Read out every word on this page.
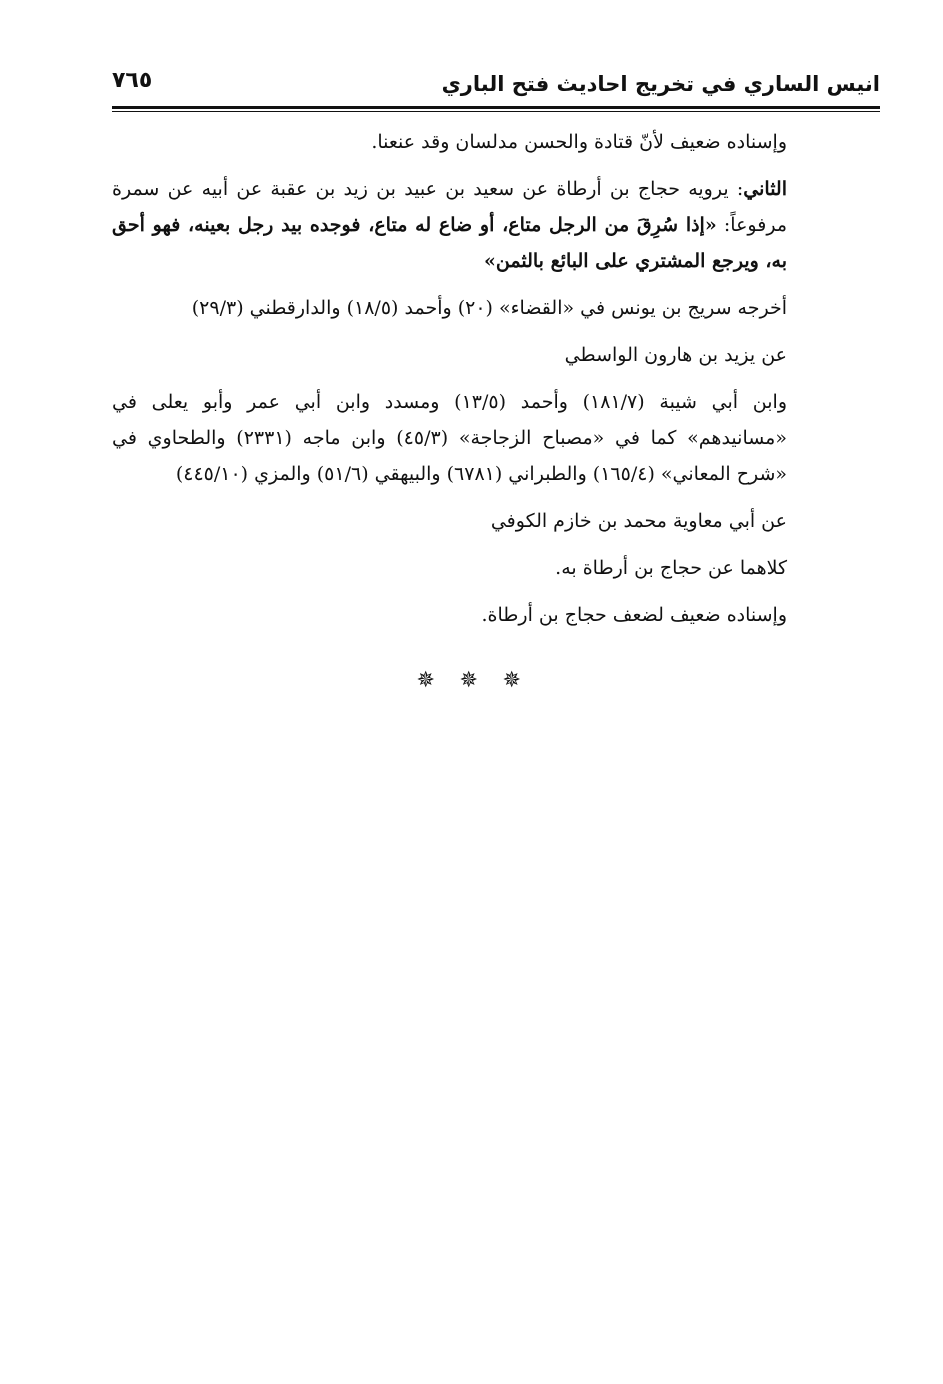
انيس الساري في تخريج احاديث فتح الباري
٧٦٥

وإسناده ضعيف لأنّ قتادة والحسن مدلسان وقد عنعنا.

الثاني: يرويه حجاج بن أرطاة عن سعيد بن عبيد بن زيد بن عقبة عن أبيه عن سمرة مرفوعاً: «إذا سُرِقَ من الرجل متاع، أو ضاع له متاع، فوجده بيد رجل بعينه، فهو أحق به، ويرجع المشتري على البائع بالثمن»

أخرجه سريج بن يونس في «القضاء» (٢٠) وأحمد (١٨/٥) والدارقطني (٢٩/٣)

عن يزيد بن هارون الواسطي

وابن أبي شيبة (١٨١/٧) وأحمد (١٣/٥) ومسدد وابن أبي عمر وأبو يعلى في «مسانيدهم» كما في «مصباح الزجاجة» (٤٥/٣) وابن ماجه (٢٣٣١) والطحاوي في «شرح المعاني» (١٦٥/٤) والطبراني (٦٧٨١) والبيهقي (٥١/٦) والمزي (٤٤٥/١٠)

عن أبي معاوية محمد بن خازم الكوفي

كلاهما عن حجاج بن أرطاة به.

وإسناده ضعيف لضعف حجاج بن أرطاة.

✵ ✵ ✵
